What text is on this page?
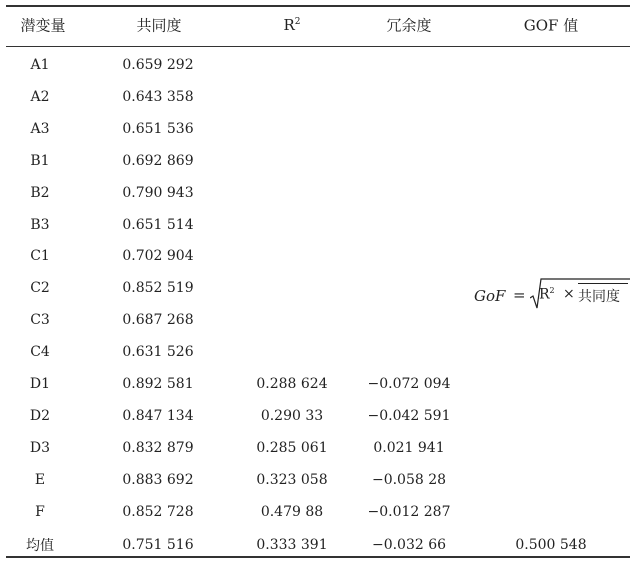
潜变量	共同度	$R^2$	冗余度	GOF 值
A1	0.659 292
A2	0.643 358
A3	0.651 536
B1	0.692 869
B2	0.790 943
B3	0.651 514
C1	0.702 904
C2	0.852 519
C3	0.687 268
C4	0.631 526
D1	0.892 581	0.288 624	−0.072 094
D2	0.847 134	0.290 33	−0.042 591
D3	0.832 879	0.285 061	0.021 941
E	0.883 692	0.323 058	−0.058 28
F	0.852 728	0.479 88	−0.012 287
均值	0.751 516	0.333 391	−0.032 66	0.500 548
GoF = $R^2$ × 共同度
